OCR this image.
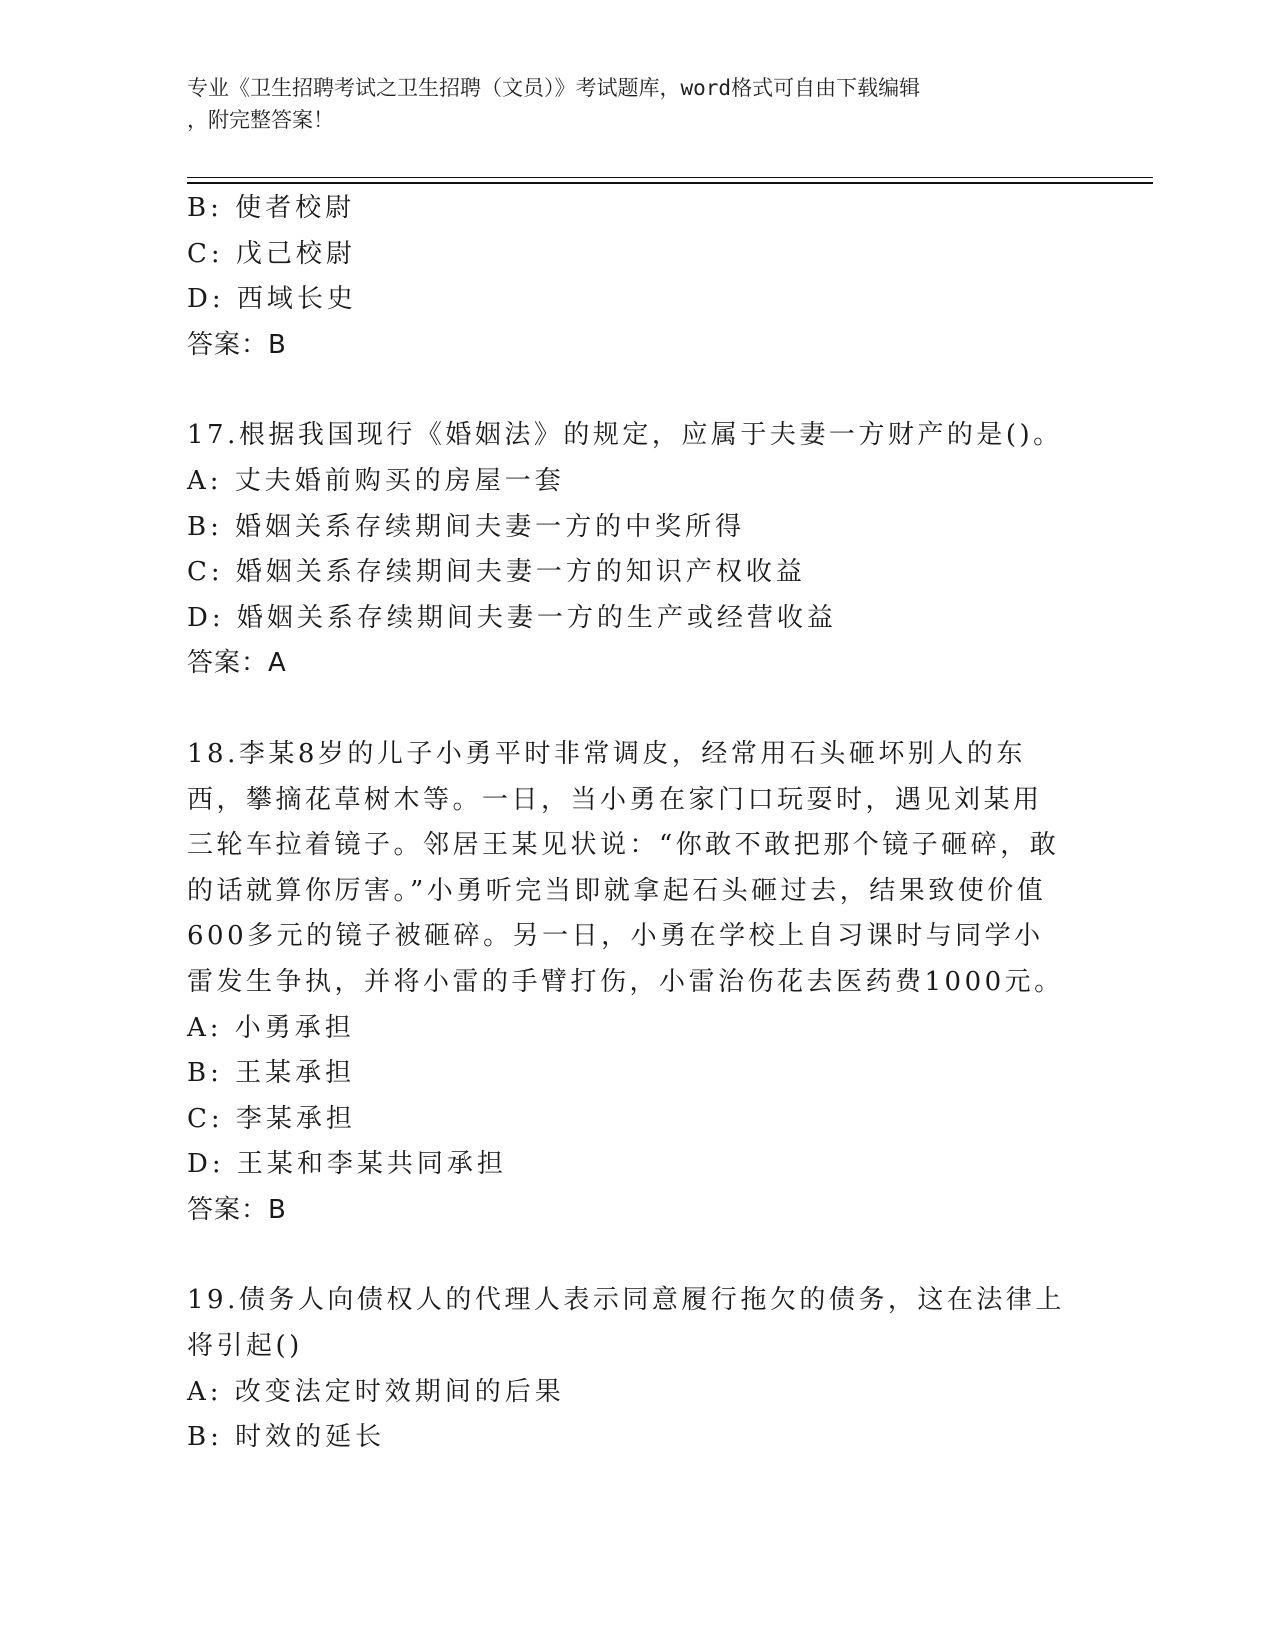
专业《卫生招聘考试之卫生招聘（文员）》考试题库，word格式可自由下载编辑
，附完整答案！
B: 使者校尉
C: 戊己校尉
D: 西域长史
答案：B
17.根据我国现行《婚姻法》的规定，应属于夫妻一方财产的是()。
A: 丈夫婚前购买的房屋一套
B: 婚姻关系存续期间夫妻一方的中奖所得
C: 婚姻关系存续期间夫妻一方的知识产权收益
D: 婚姻关系存续期间夫妻一方的生产或经营收益
答案：A
18.李某8岁的儿子小勇平时非常调皮，经常用石头砸坏别人的东西，攀摘花草树木等。一日，当小勇在家门口玩耍时，遇见刘某用三轮车拉着镜子。邻居王某见状说：“你敢不敢把那个镜子砸碎，敢的话就算你厉害。”小勇听完当即就拿起石头砸过去，结果致使价值600多元的镜子被砸碎。另一日，小勇在学校上自习课时与同学小雷发生争执，并将小雷的手臂打伤，小雷治伤花去医药费1000元。
A: 小勇承担
B: 王某承担
C: 李某承担
D: 王某和李某共同承担
答案：B
19.债务人向债权人的代理人表示同意履行拖欠的债务，这在法律上将引起()
A: 改变法定时效期间的后果
B: 时效的延长
